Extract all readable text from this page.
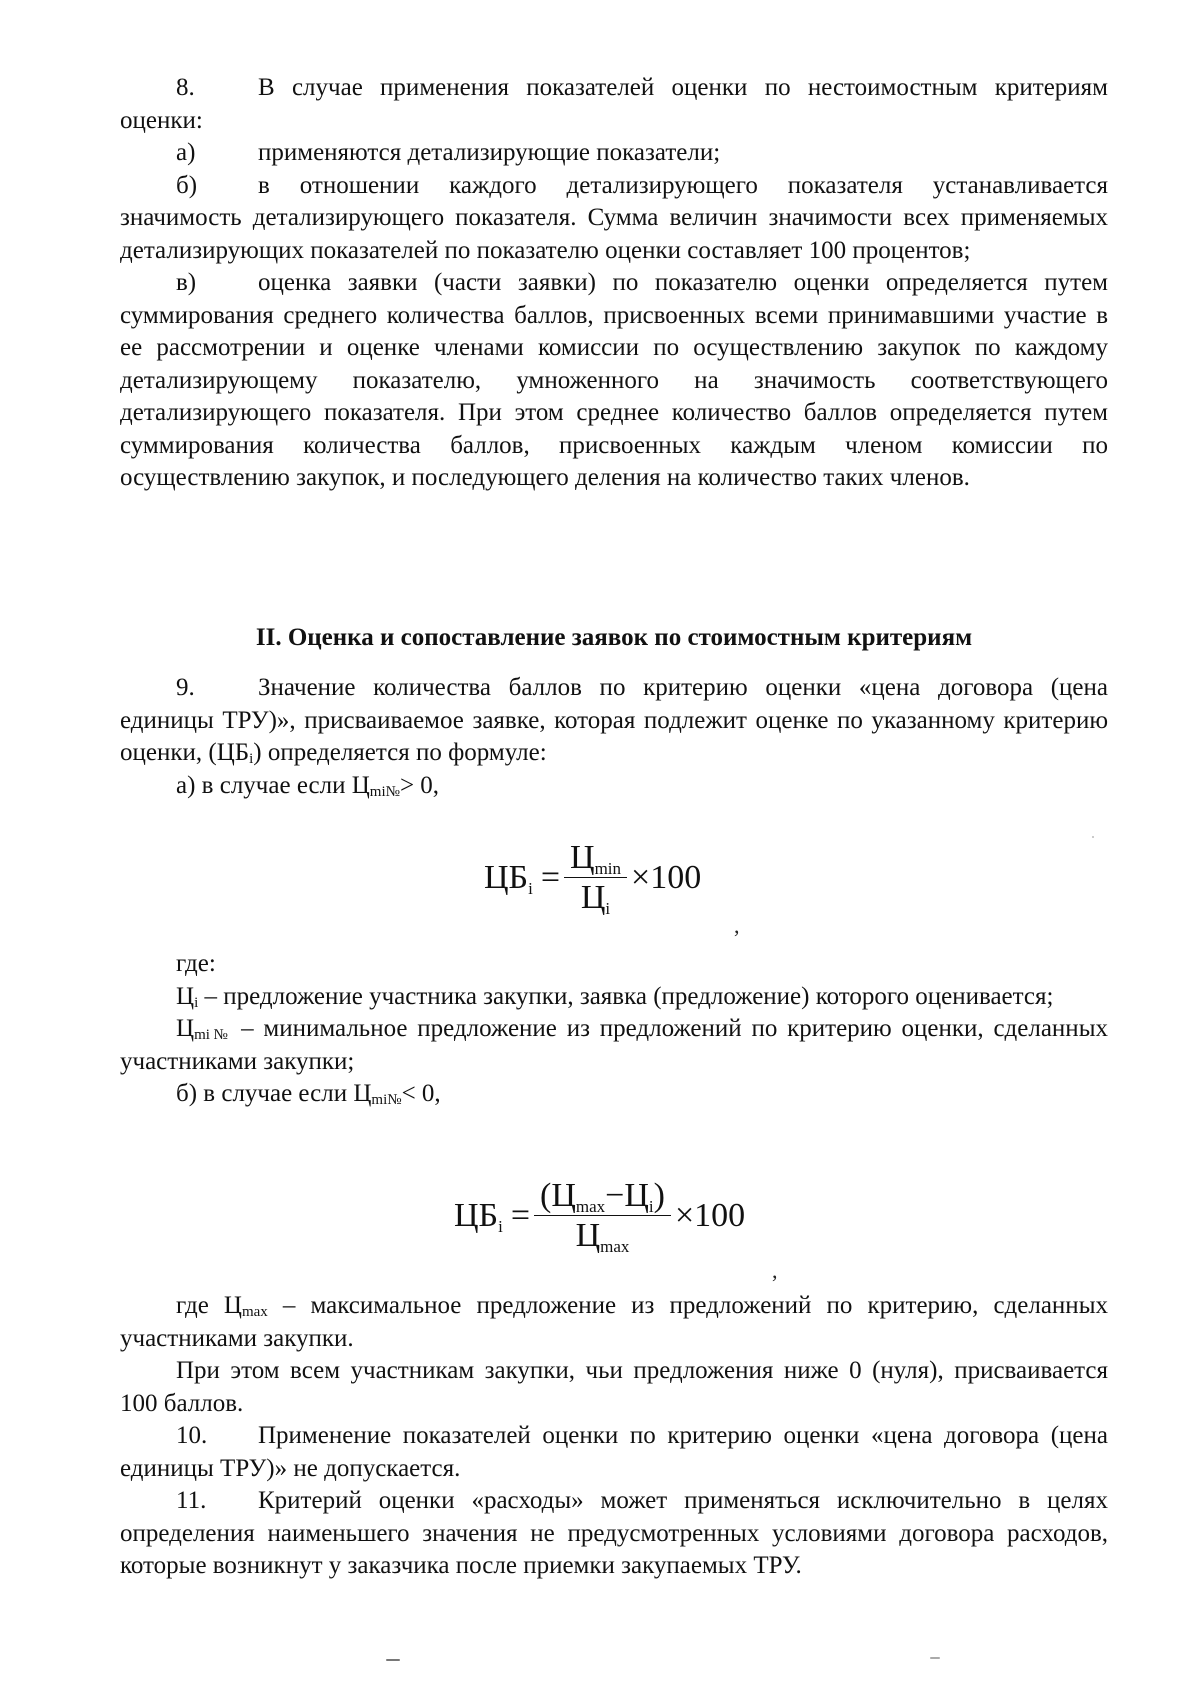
8.	В случае применения показателей оценки по нестоимостным критериям оценки:

а)	применяются детализирующие показатели;

б) в отношении каждого детализирующего показателя устанавливается значимость детализирующего показателя. Сумма величин значимости всех применяемых детализирующих показателей по показателю оценки составляет 100 процентов;

в) оценка заявки (части заявки) по показателю оценки определяется путем суммирования среднего количества баллов, присвоенных всеми принимавшими участие в ее рассмотрении и оценке членами комиссии по осуществлению закупок по каждому детализирующему показателю, умноженного на значимость соответствующего детализирующего показателя. При этом среднее количество баллов определяется путем суммирования количества баллов, присвоенных каждым членом комиссии по осуществлению закупок, и последующего деления на количество таких членов.

II. Оценка и сопоставление заявок по стоимостным критериям

9.	Значение количества баллов по критерию оценки «цена договора (цена единицы ТРУ)», присваиваемое заявке, которая подлежит оценке по указанному критерию оценки, $(ЦБ_i)$ определяется по формуле:

а) в случае если $Ц_{mi№}> 0$,

$ЦБ_i = \frac{Ц_{min}}{Ц_i} \times 100$
,

где:

$Ц_i$ – предложение участника закупки, заявка (предложение) которого оценивается;

$Ц_{mi№}$ – минимальное предложение из предложений по критерию оценки, сделанных участниками закупки;

б) в случае если $Ц_{mi№}< 0$,

$ЦБ_i = \frac{(Ц_{max}-Ц_i)}{Ц_{max}} \times 100$
,

где $Ц_{max}$ – максимальное предложение из предложений по критерию, сделанных участниками закупки.

При этом всем участникам закупки, чьи предложения ниже 0 (нуля), присваивается 100 баллов.

10. Применение показателей оценки по критерию оценки «цена договора (цена единицы ТРУ)» не допускается.

11. Критерий оценки «расходы» может применяться исключительно в целях определения наименьшего значения не предусмотренных условиями договора расходов, которые возникнут у заказчика после приемки закупаемых ТРУ.
